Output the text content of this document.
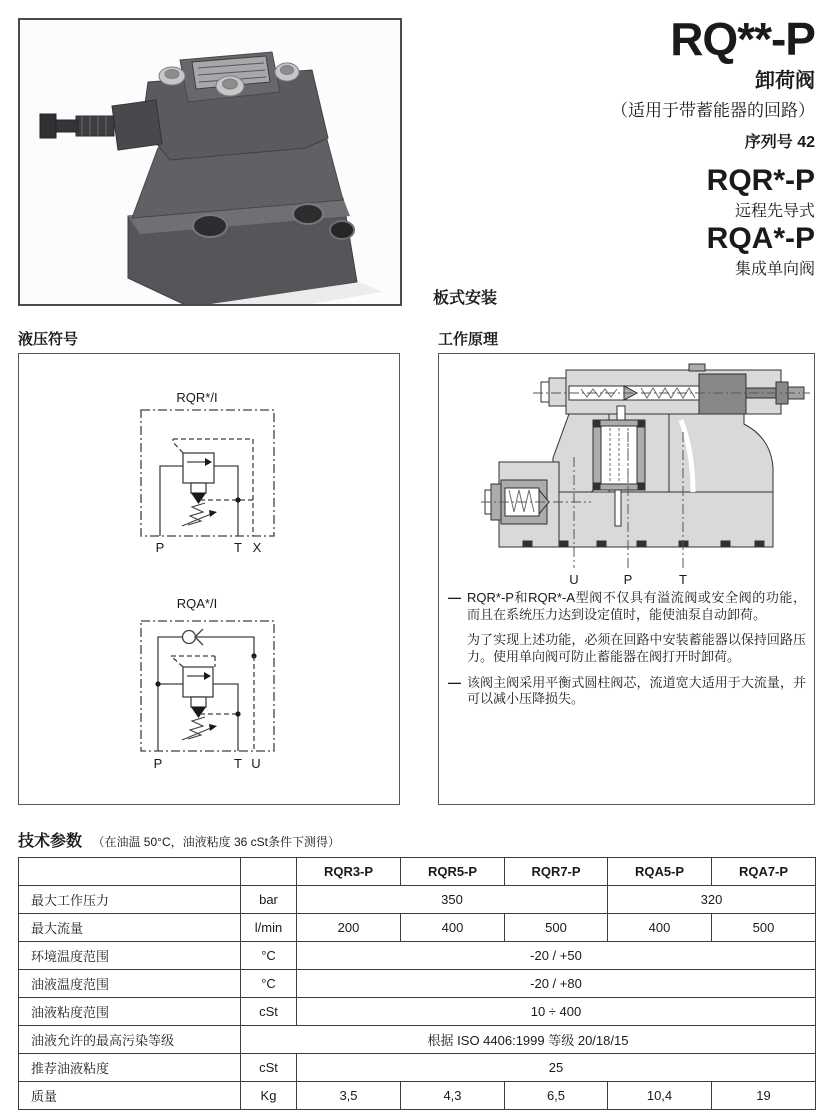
RQ**-P
卸荷阀
（适用于带蓄能器的回路）
序列号 42
RQR*-P
远程先导式
RQA*-P
集成单向阀
板式安装
液压符号
RQR*/I
P	T X
RQA*/I
P	T U
工作原理
U	P	T
— RQR*-P和RQR*-A型阀不仅具有溢流阀或安全阀的功能，而且在系统压力达到设定值时，能使油泵自动卸荷。

为了实现上述功能，必须在回路中安装蓄能器以保持回路压力。使用单向阀可防止蓄能器在阀打开时卸荷。

— 该阀主阀采用平衡式圆柱阀芯，流道宽大适用于大流量，并可以减小压降损失。

技术参数 （在油温 50°C，油液粘度 36 cSt条件下测得）
		RQR3-P	RQR5-P	RQR7-P	RQA5-P	RQA7-P
最大工作压力	bar	350			320	
最大流量	l/min	200	400	500	400	500
环境温度范围	°C	-20 / +50				
油液温度范围	°C	-20 / +80				
油液粘度范围	cSt	10 ÷ 400				
油液允许的最高污染等级	根据 ISO 4406:1999 等级 20/18/15					
推荐油液粘度	cSt	25				
质量	Kg	3,5	4,3	6,5	10,4	19
